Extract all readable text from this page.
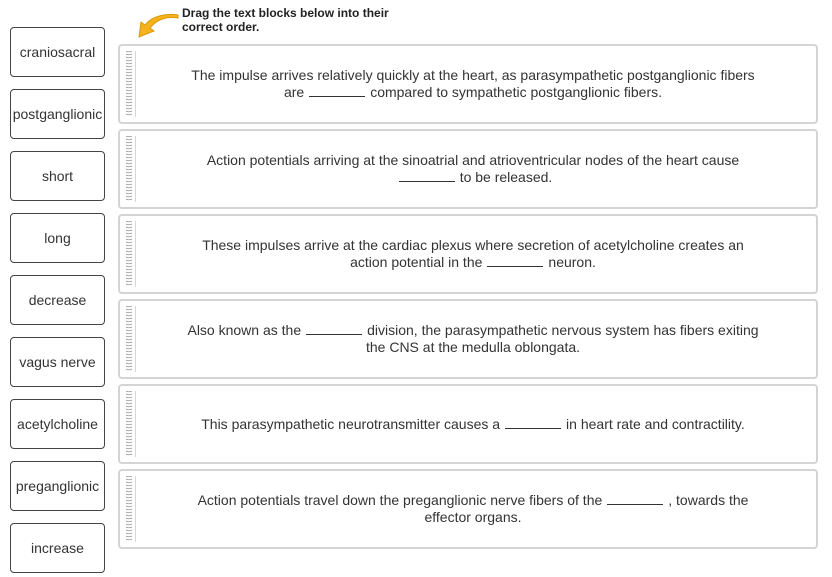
Drag the text blocks below into their
correct order.
craniosacral
postganglionic
short
long
decrease
vagus nerve
acetylcholine
preganglionic
increase
The impulse arrives relatively quickly at the heart, as parasympathetic postganglionic fibers
are	compared to sympathetic postganglionic fibers.
Action potentials arriving at the sinoatrial and atrioventricular nodes of the heart cause
to be released.
These impulses arrive at the cardiac plexus where secretion of acetylcholine creates an
action potential in the	neuron.
Also known as the	division, the parasympathetic nervous system has fibers exiting
the CNS at the medulla oblongata.
This parasympathetic neurotransmitter causes a	in heart rate and contractility.
Action potentials travel down the preganglionic nerve fibers of the	, towards the
effector organs.
